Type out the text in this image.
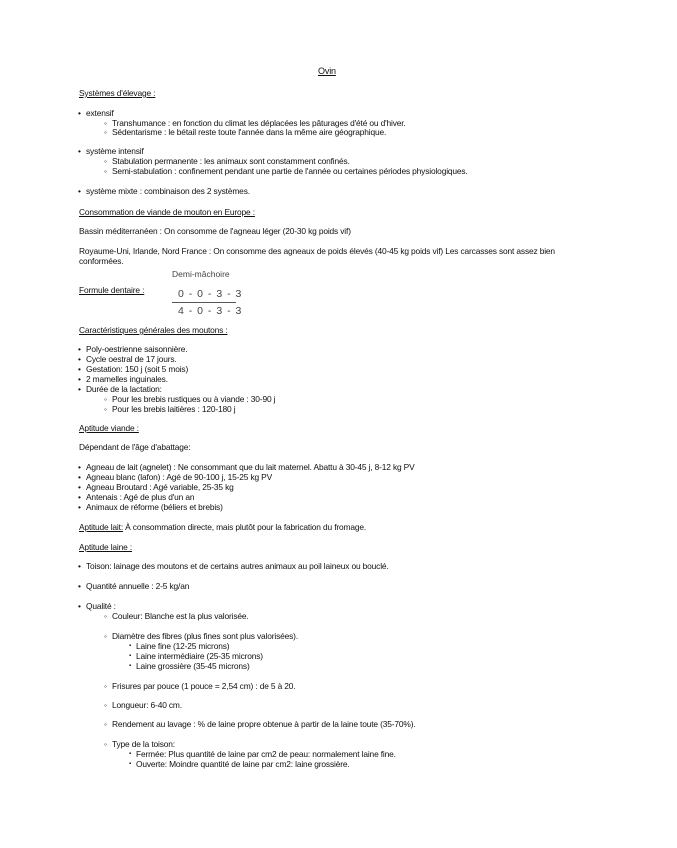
Ovin
Systèmes d'élevage :
• extensif
◦ Transhumance : en fonction du climat les déplacées les pâturages d'été ou d'hiver.
◦ Sédentarisme : le bétail reste toute l'année dans la même aire géographique.
• système intensif
◦ Stabulation permanente : les animaux sont constamment confinés.
◦ Semi-stabulation : confinement pendant une partie de l'année ou certaines périodes physiologiques.
• système mixte : combinaison des 2 systèmes.
Consommation de viande de mouton en Europe :
Bassin méditerranéen : On consomme de l'agneau léger (20-30 kg poids vif)
Royaume-Uni, Irlande, Nord France : On consomme des agneaux de poids élevés (40-45 kg poids vif) Les carcasses sont assez bien
conformées.
Formule dentaire :
Demi-mâchoire
0 - 0 - 3 - 3
4 - 0 - 3 - 3
Caractéristiques générales des moutons :
• Poly-oestrienne saisonnière.
• Cycle oestral de 17 jours.
• Gestation: 150 j (soit 5 mois)
• 2 mamelles inguinales.
• Durée de la lactation:
◦ Pour les brebis rustiques ou à viande : 30-90 j
◦ Pour les brebis laitières : 120-180 j
Aptitude viande :
Dépendant de l'âge d'abattage:
• Agneau de lait (agnelet) : Ne consommant que du lait maternel. Abattu à 30-45 j, 8-12 kg PV
• Agneau blanc (lafon) : Agé de 90-100 j, 15-25 kg PV
• Agneau Broutard : Agé variable, 25-35 kg
• Antenais : Agé de plus d'un an
• Animaux de réforme (béliers et brebis)
Aptitude lait: À consommation directe, mais plutôt pour la fabrication du fromage.
Aptitude laine :
• Toison: lainage des moutons et de certains autres animaux au poil laineux ou bouclé.
• Quantité annuelle : 2-5 kg/an
• Qualité :
◦ Couleur: Blanche est la plus valorisée.
◦ Diamètre des fibres (plus fines sont plus valorisées).
▪ Laine fine (12-25 microns)
▪ Laine intermédiaire (25-35 microns)
▪ Laine grossière (35-45 microns)
◦ Frisures par pouce (1 pouce = 2,54 cm) : de 5 à 20.
◦ Longueur: 6-40 cm.
◦ Rendement au lavage : % de laine propre obtenue à partir de la laine toute (35-70%).
◦ Type de la toison:
▪ Fermée: Plus quantité de laine par cm2 de peau: normalement laine fine.
▪ Ouverte: Moindre quantité de laine par cm2: laine grossière.
